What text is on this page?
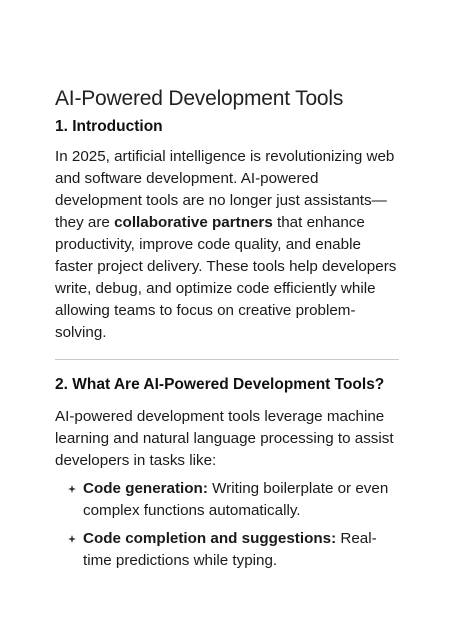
AI-Powered Development Tools
1. Introduction

In 2025, artificial intelligence is revolutionizing web and software development. AI-powered development tools are no longer just assistants—they are collaborative partners that enhance productivity, improve code quality, and enable faster project delivery. These tools help developers write, debug, and optimize code efficiently while allowing teams to focus on creative problem-solving.

2. What Are AI-Powered Development Tools?

AI-powered development tools leverage machine learning and natural language processing to assist developers in tasks like:

Code generation: Writing boilerplate or even complex functions automatically.
Code completion and suggestions: Real-time predictions while typing.
